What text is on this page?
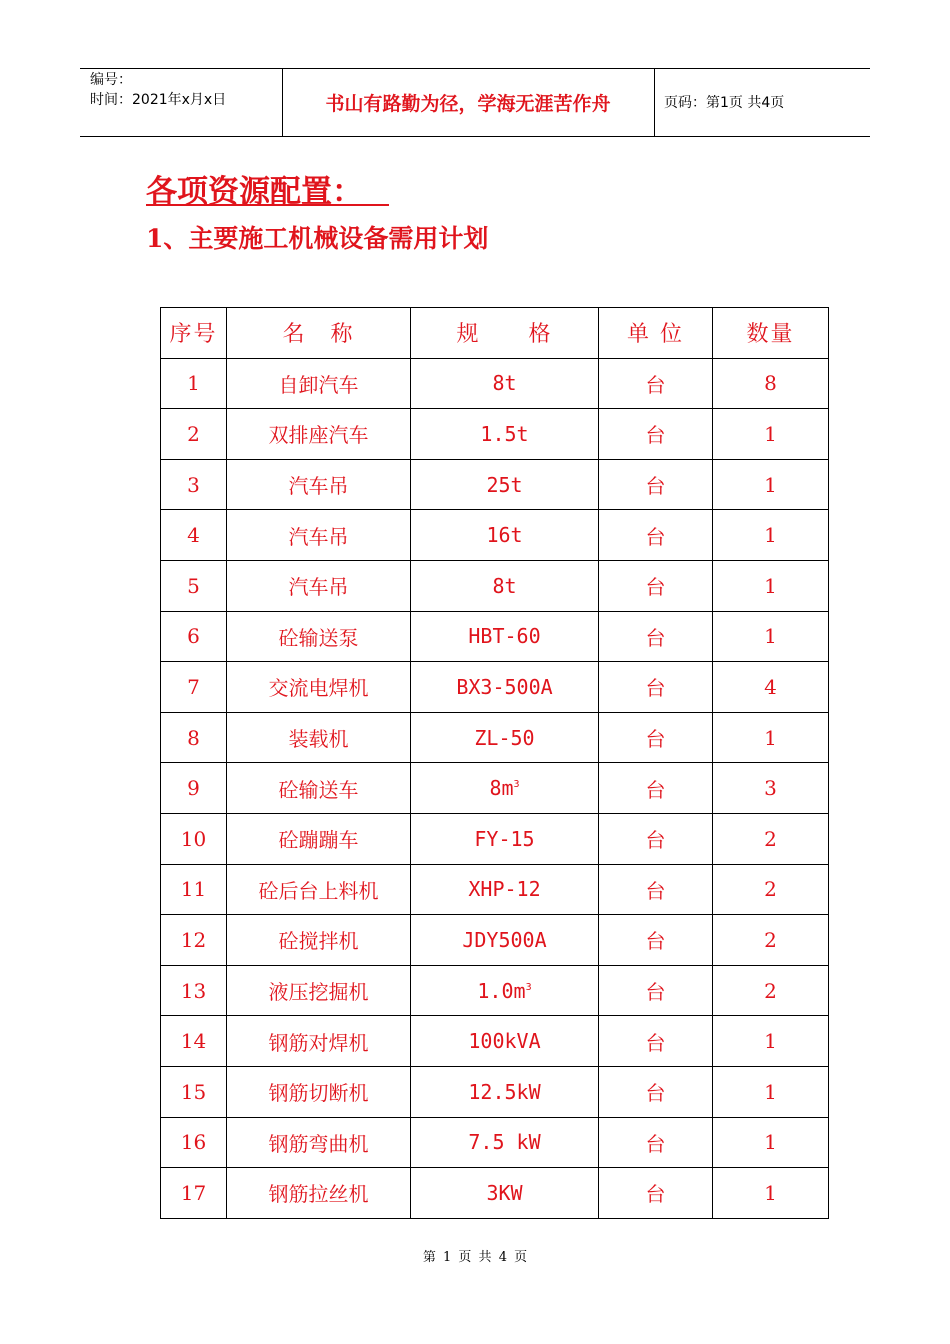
编号：
时间：2021年x月x日	书山有路勤为径，学海无涯苦作舟	页码：第1页 共4页
各项资源配置：
1、主要施工机械设备需用计划
序号	名　称	规　　格	单 位	数量
1	自卸汽车	8t	台	8
2	双排座汽车	1.5t	台	1
3	汽车吊	25t	台	1
4	汽车吊	16t	台	1
5	汽车吊	8t	台	1
6	砼输送泵	HBT-60	台	1
7	交流电焊机	BX3-500A	台	4
8	装载机	ZL-50	台	1
9	砼输送车	$8m^3$	台	3
10	砼蹦蹦车	FY-15	台	2
11	砼后台上料机	XHP-12	台	2
12	砼搅拌机	JDY500A	台	2
13	液压挖掘机	$1.0m^3$	台	2
14	钢筋对焊机	100kVA	台	1
15	钢筋切断机	12.5kW	台	1
16	钢筋弯曲机	7.5 kW	台	1
17	钢筋拉丝机	3KW	台	1
第 1 页 共 4 页
